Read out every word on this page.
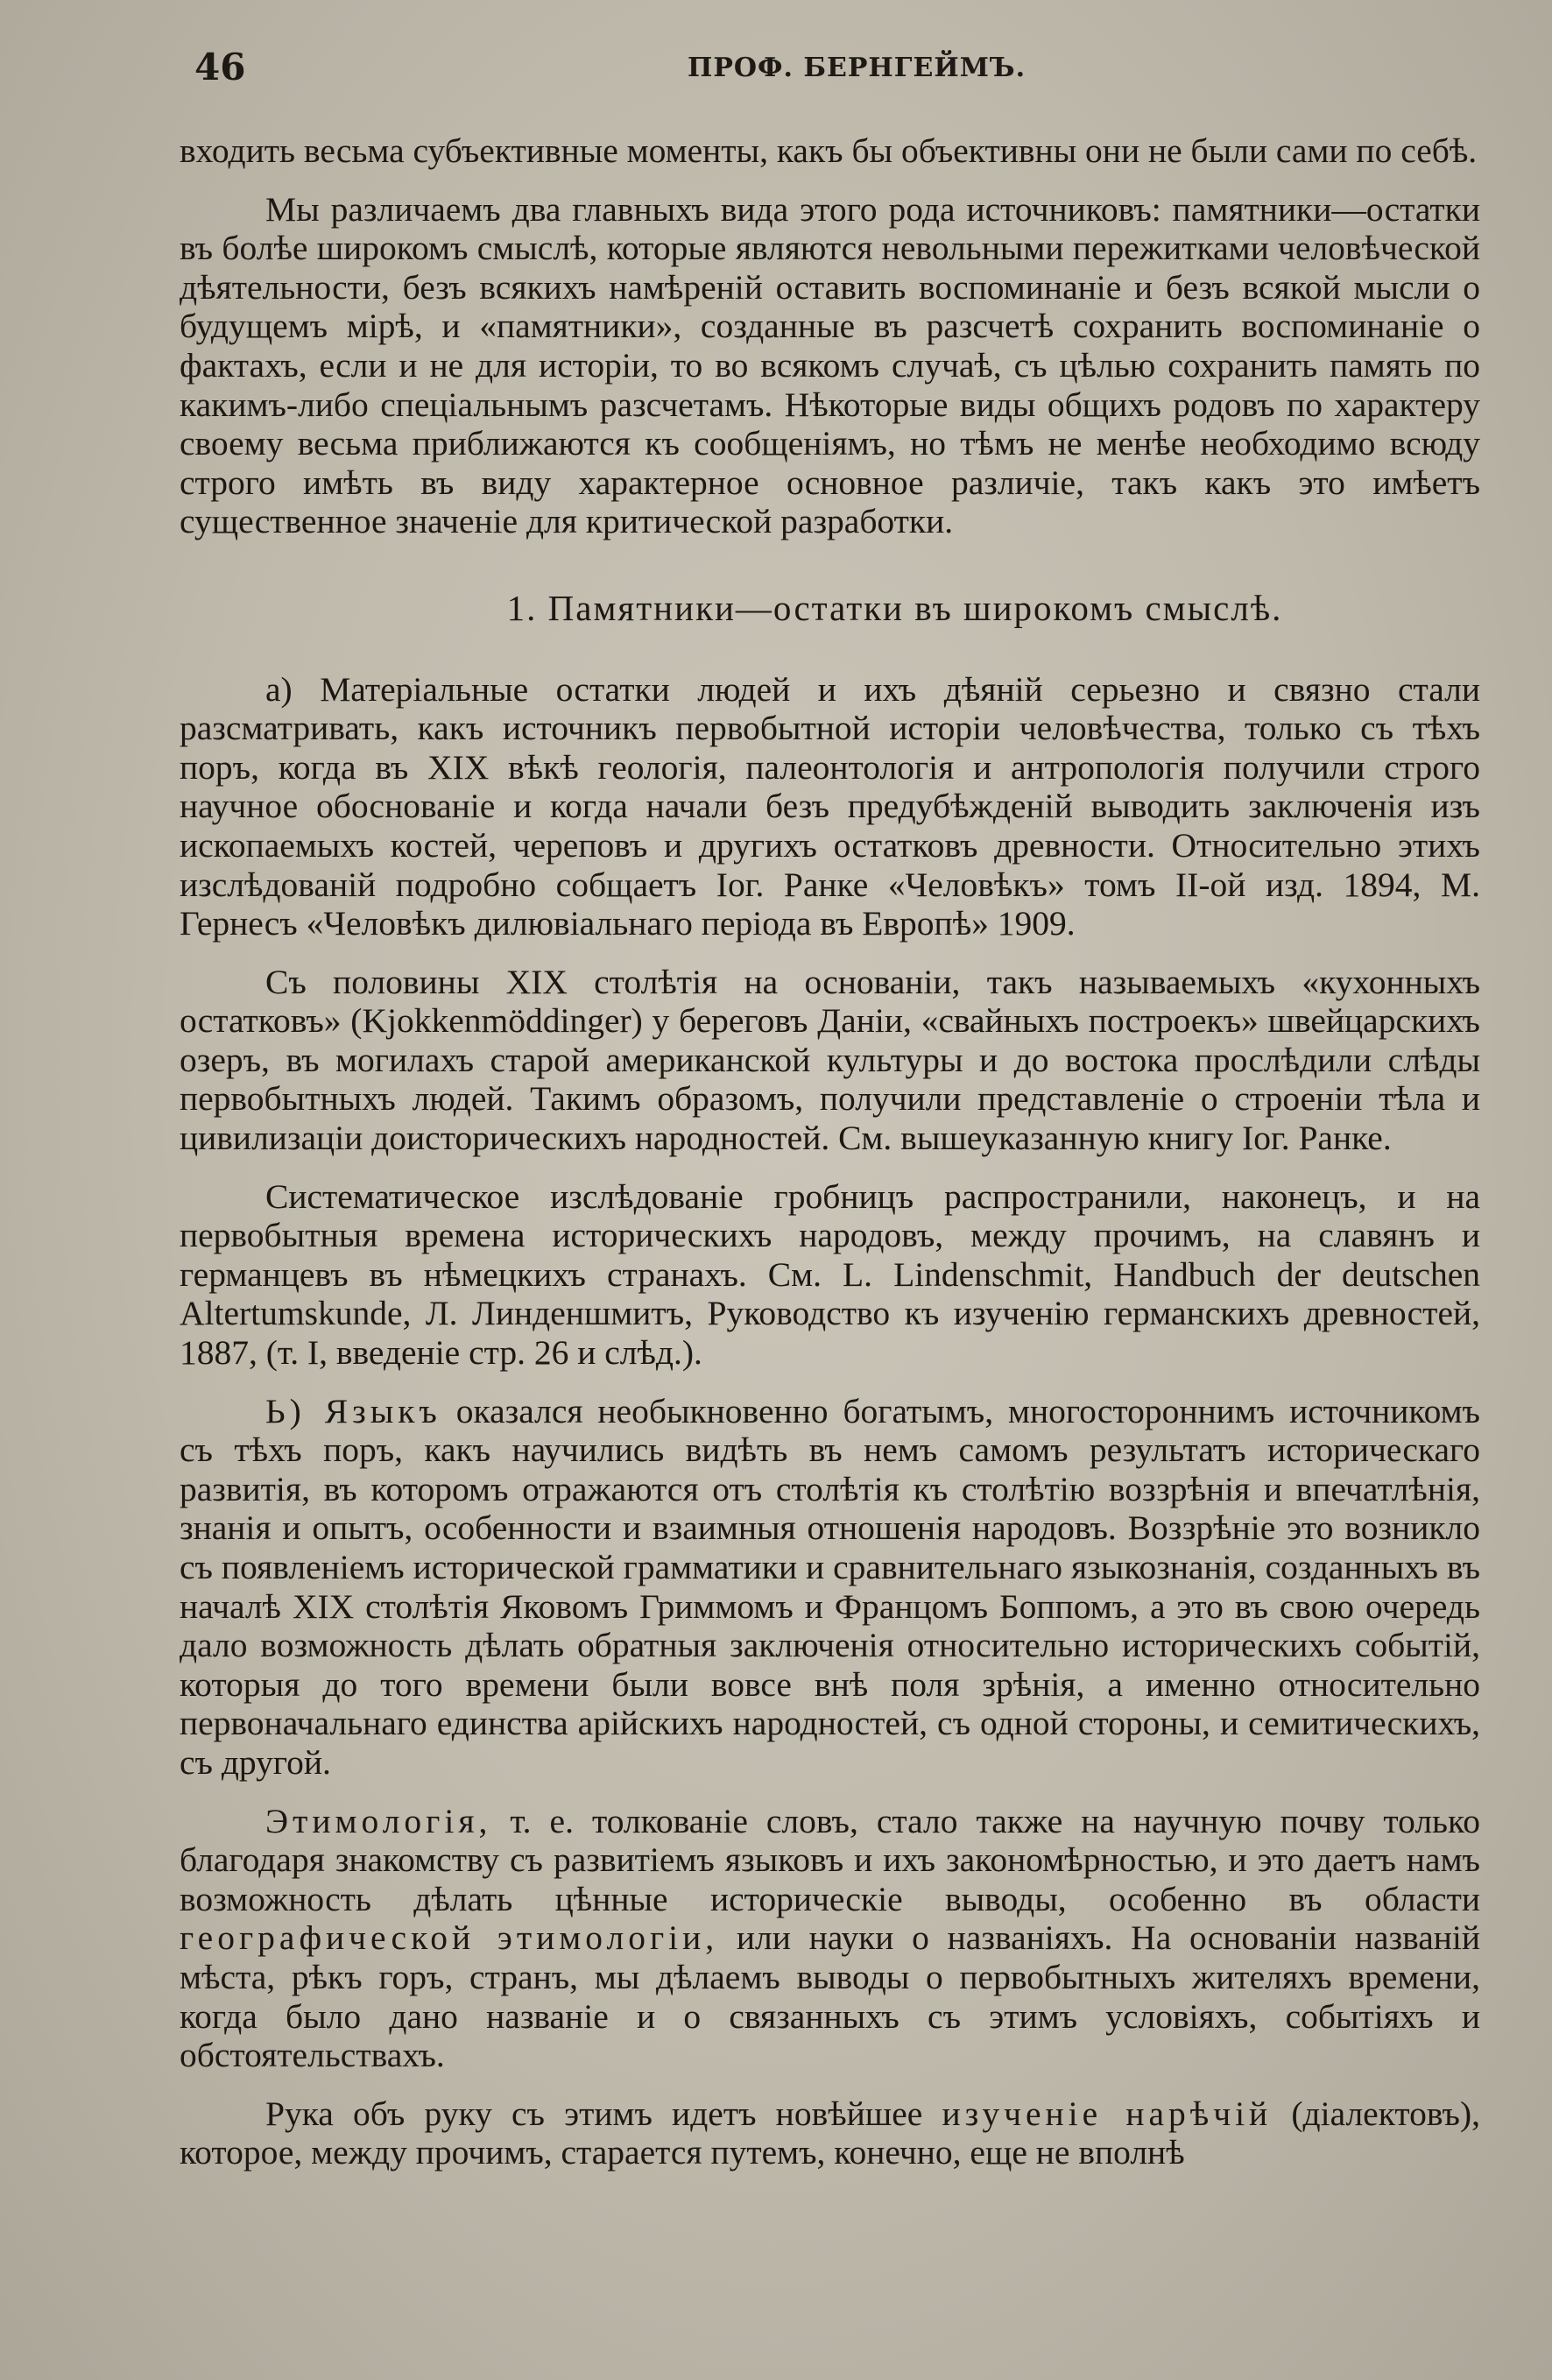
46	ПРОФ. БЕРНГЕЙМЪ.

входить весьма субъективные моменты, какъ бы объективны они не были сами по себѣ.

Мы различаемъ два главныхъ вида этого рода источниковъ: памятники—остатки въ болѣе широкомъ смыслѣ, которые являются невольными пережитками человѣческой дѣятельности, безъ всякихъ намѣреній оставить воспоминаніе и безъ всякой мысли о будущемъ мірѣ, и «памятники», созданные въ разсчетѣ сохранить воспоминаніе о фактахъ, если и не для исторіи, то во всякомъ случаѣ, съ цѣлью сохранить память по какимъ-либо спеціальнымъ разсчетамъ. Нѣкоторые виды общихъ родовъ по характеру своему весьма приближаются къ сообщеніямъ, но тѣмъ не менѣе необходимо всюду строго имѣть въ виду характерное основное различіе, такъ какъ это имѣетъ существенное значеніе для критической разработки.

1. Памятники—остатки въ широкомъ смыслѣ.

а) Матеріальные остатки людей и ихъ дѣяній серьезно и связно стали разсматривать, какъ источникъ первобытной исторіи человѣчества, только съ тѣхъ поръ, когда въ XIX вѣкѣ геологія, палеонтологія и антропологія получили строго научное обоснованіе и когда начали безъ предубѣжденій выводить заключенія изъ ископаемыхъ костей, череповъ и другихъ остатковъ древности. Относительно этихъ изслѣдованій подробно собщаетъ Іог. Ранке «Человѣкъ» томъ II-ой изд. 1894, М. Гернесъ «Человѣкъ дилювіальнаго періода въ Европѣ» 1909.

Съ половины XIX столѣтія на основаніи, такъ называемыхъ «кухонныхъ остатковъ» (Kjokkenmöddinger) у береговъ Даніи, «свайныхъ построекъ» швейцарскихъ озеръ, въ могилахъ старой американской культуры и до востока прослѣдили слѣды первобытныхъ людей. Такимъ образомъ, получили представленіе о строеніи тѣла и цивилизаціи доисторическихъ народностей. См. вышеуказанную книгу Іог. Ранке.

Систематическое изслѣдованіе гробницъ распространили, наконецъ, и на первобытныя времена историческихъ народовъ, между прочимъ, на славянъ и германцевъ въ нѣмецкихъ странахъ. См. L. Lindenschmit, Handbuch der deutschen Altertumskunde, Л. Линденшмитъ, Руководство къ изученію германскихъ древностей, 1887, (т. I, введеніе стр. 26 и слѣд.).

Ь) Языкъ оказался необыкновенно богатымъ, многостороннимъ источникомъ съ тѣхъ поръ, какъ научились видѣть въ немъ самомъ результатъ историческаго развитія, въ которомъ отражаются отъ столѣтія къ столѣтію воззрѣнія и впечатлѣнія, знанія и опытъ, особенности и взаимныя отношенія народовъ. Воззрѣніе это возникло съ появленіемъ исторической грамматики и сравнительнаго языкознанія, созданныхъ въ началѣ XIX столѣтія Яковомъ Гриммомъ и Францомъ Боппомъ, а это въ свою очередь дало возможность дѣлать обратныя заключенія относительно историческихъ событій, которыя до того времени были вовсе внѣ поля зрѣнія, а именно относительно первоначальнаго единства арійскихъ народностей, съ одной стороны, и семитическихъ, съ другой.

Этимологія, т. е. толкованіе словъ, стало также на научную почву только благодаря знакомству съ развитіемъ языковъ и ихъ закономѣрностью, и это даетъ намъ возможность дѣлать цѣнные историческіе выводы, особенно въ области географической этимологіи, или науки о названіяхъ. На основаніи названій мѣста, рѣкъ горъ, странъ, мы дѣлаемъ выводы о первобытныхъ жителяхъ времени, когда было дано названіе и о связанныхъ съ этимъ условіяхъ, событіяхъ и обстоятельствахъ.

Рука объ руку съ этимъ идетъ новѣйшее изученіе нарѣчій (діалектовъ), которое, между прочимъ, старается путемъ, конечно, еще не вполнѣ
